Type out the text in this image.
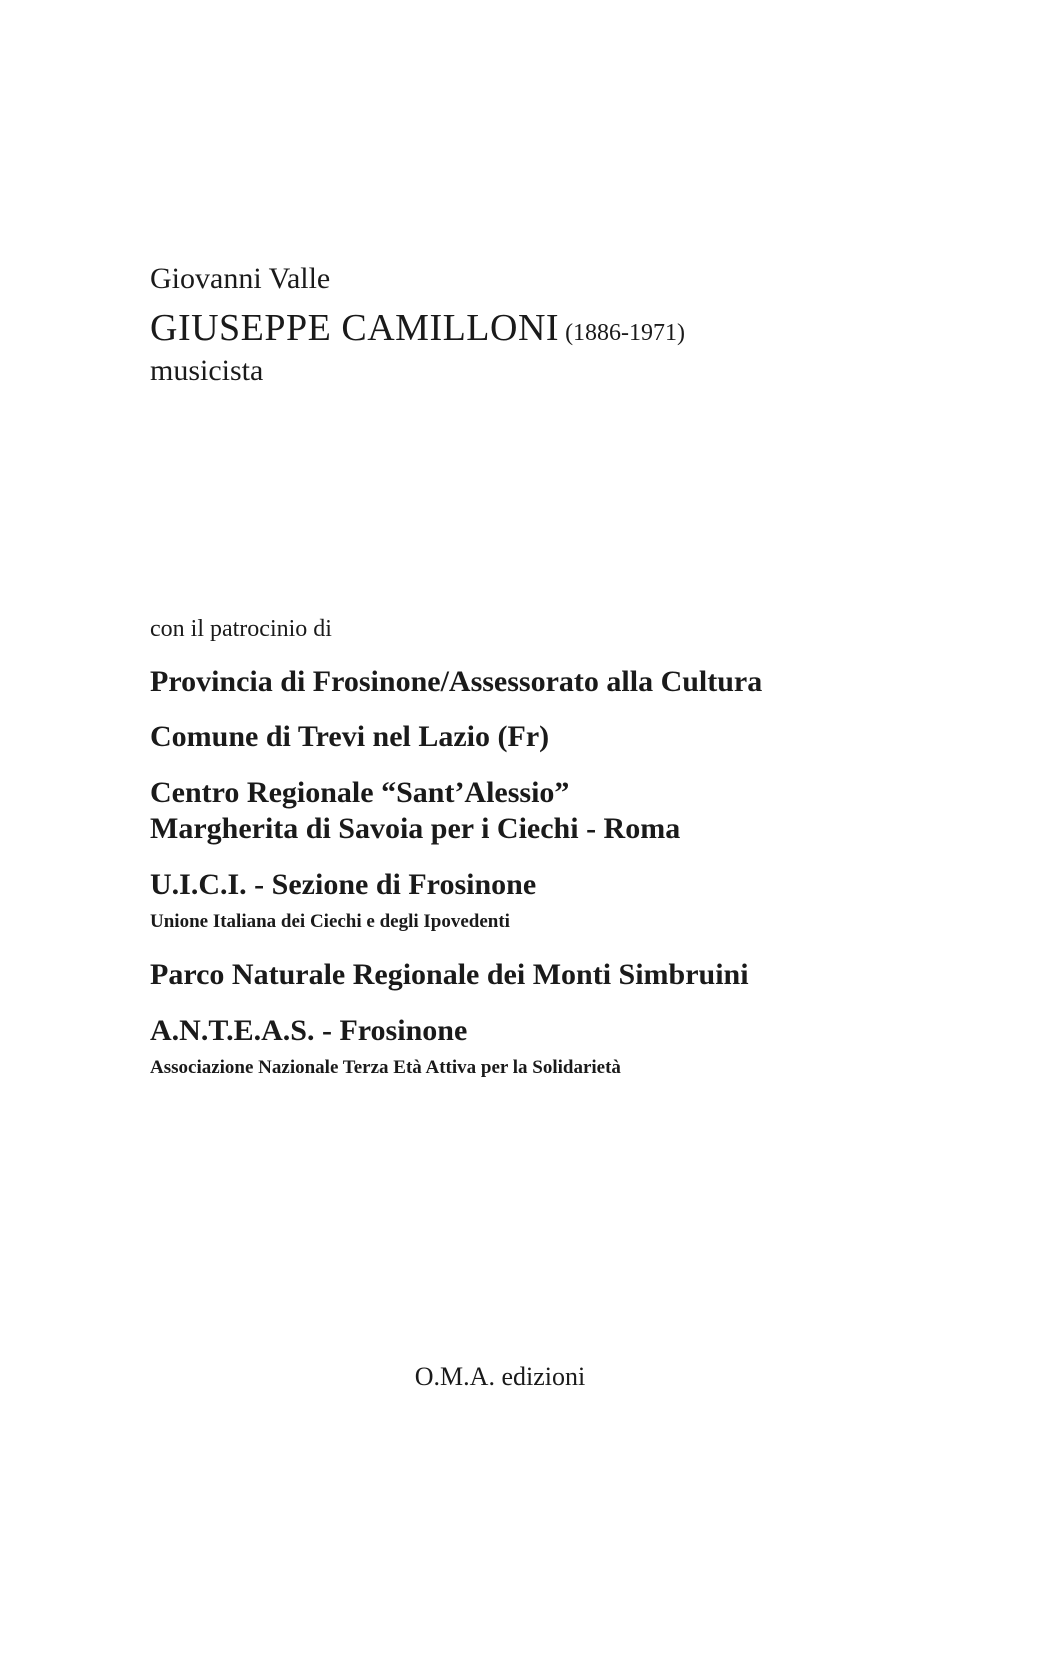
Giovanni Valle
GIUSEPPE CAMILLONI (1886-1971)
musicista
con il patrocinio di
Provincia di Frosinone/Assessorato alla Cultura
Comune di Trevi nel Lazio (Fr)
Centro Regionale “Sant’Alessio”
Margherita di Savoia per i Ciechi - Roma
U.I.C.I. - Sezione di Frosinone
Unione Italiana dei Ciechi e degli Ipovedenti
Parco Naturale Regionale dei Monti Simbruini
A.N.T.E.A.S. - Frosinone
Associazione Nazionale Terza Età Attiva per la Solidarietà
O.M.A. edizioni
